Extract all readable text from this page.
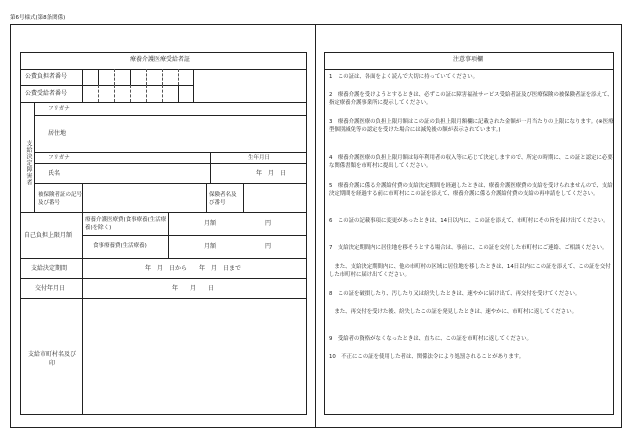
第6号様式(第8条関係)
療養介護医療受給者証
公費負担者番号
公費受給者番号
支給決定障害者
フリガナ
居住地
フリガナ	生年月日
氏名	年　月　日
被保険者証の記号及び番号
保険者名及び番号
自己負担上限月額
療養介護医療費(食事療養(生活療養)を除く)
月額	円
食事療養費(生活療養)	月額	円
支給決定期間	年　月　日から　　年　月　日まで
交付年月日	年　　月　　日
支給市町村名及び印
注意事項欄
1　この証は、各面をよく読んで大切に持っていてください。
2　療養介護を受けようとするときは、必ずこの証に障害福祉サービス受給者証及び医療保険の被保険者証を添えて、指定療養介護事業所に提示してください。
3　療養介護医療の負担上限月額はこの証の負担上限月額欄に記載された金額が一月当たりの上限になります。(※医療型個別減免等の認定を受けた場合には減免後の額が表示されています。)
4　療養介護医療の負担上限月額は毎年利用者の収入等に応じて決定しますので、所定の時期に、この証と認定に必要な関係書類を市町村に提出してください。
5　療養介護に係る介護給付費の支給決定期間を経過したときは、療養介護医療費の支給を受けられませんので、支給決定期間を経過する前に市町村にこの証を添えて、療養介護に係る介護給付費の支給の再申請をしてください。
6　この証の記載事項に変更があったときは、14日以内に、この証を添えて、市町村にその旨を届け出てください。
7　支給決定期間内に居住地を移そうとする場合は、事前に、この証を交付した市町村にご連絡、ご相談ください。
　また、支給決定期間内に、他の市町村の区域に居住地を移したときは、14日以内にこの証を添えて、この証を交付した市町村に届け出てください。
8　この証を破損したり、汚したり又は紛失したときは、速やかに届け出て、再交付を受けてください。
　また、再交付を受けた後、紛失したこの証を発見したときは、速やかに、市町村に返してください。
9　受給者の資格がなくなったときは、直ちに、この証を市町村に返してください。
10　不正にこの証を使用した者は、関係法令により処罰されることがあります。
